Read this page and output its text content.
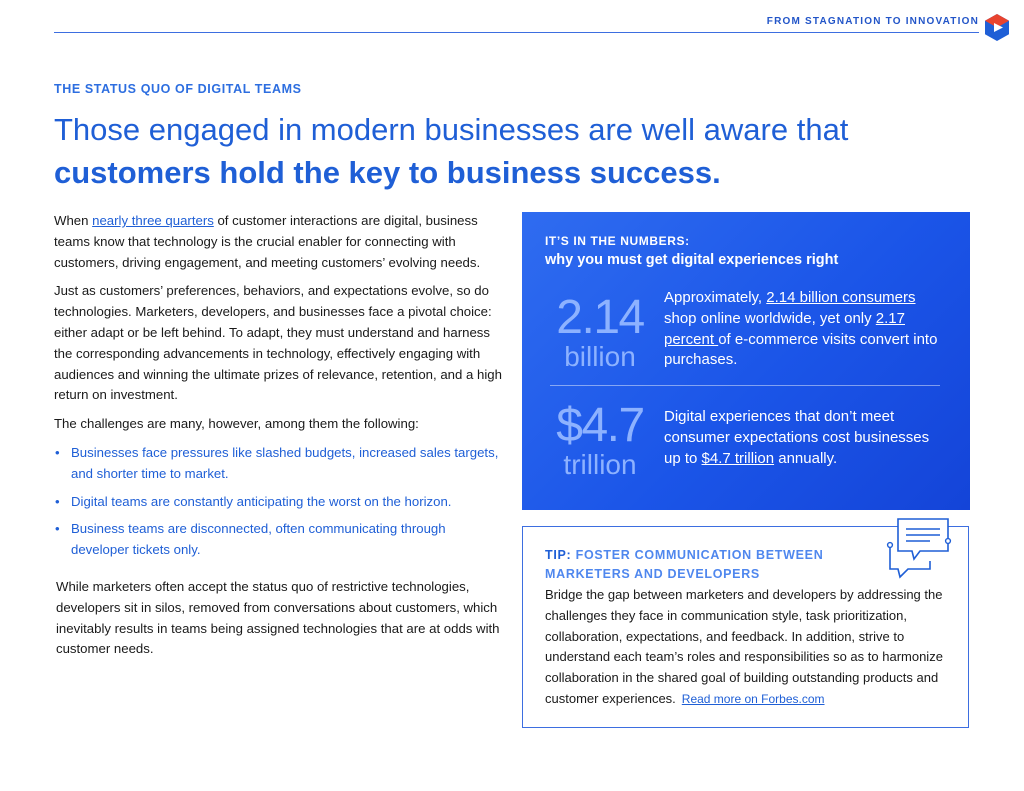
FROM STAGNATION TO INNOVATION
THE STATUS QUO OF DIGITAL TEAMS
Those engaged in modern businesses are well aware that customers hold the key to business success.

When nearly three quarters of customer interactions are digital, business teams know that technology is the crucial enabler for connecting with customers, driving engagement, and meeting customers’ evolving needs.

Just as customers’ preferences, behaviors, and expectations evolve, so do technologies. Marketers, developers, and businesses face a pivotal choice: either adapt or be left behind. To adapt, they must understand and harness the corresponding advancements in technology, effectively engaging with audiences and winning the ultimate prizes of relevance, retention, and a high return on investment.

The challenges are many, however, among them the following:

• Businesses face pressures like slashed budgets, increased sales targets, and shorter time to market.
• Digital teams are constantly anticipating the worst on the horizon.
• Business teams are disconnected, often communicating through developer tickets only.

While marketers often accept the status quo of restrictive technologies, developers sit in silos, removed from conversations about customers, which inevitably results in teams being assigned technologies that are at odds with customer needs.

IT’S IN THE NUMBERS:
why you must get digital experiences right
2.14
billion
Approximately, 2.14 billion consumers shop online worldwide, yet only 2.17 percent of e-commerce visits convert into purchases.
$4.7
trillion
Digital experiences that don’t meet consumer expectations cost businesses up to $4.7 trillion annually.
TIP: FOSTER COMMUNICATION BETWEEN MARKETERS AND DEVELOPERS

Bridge the gap between marketers and developers by addressing the challenges they face in communication style, task prioritization, collaboration, expectations, and feedback. In addition, strive to understand each team’s roles and responsibilities so as to harmonize collaboration in the shared goal of building outstanding products and customer experiences. Read more on Forbes.com
